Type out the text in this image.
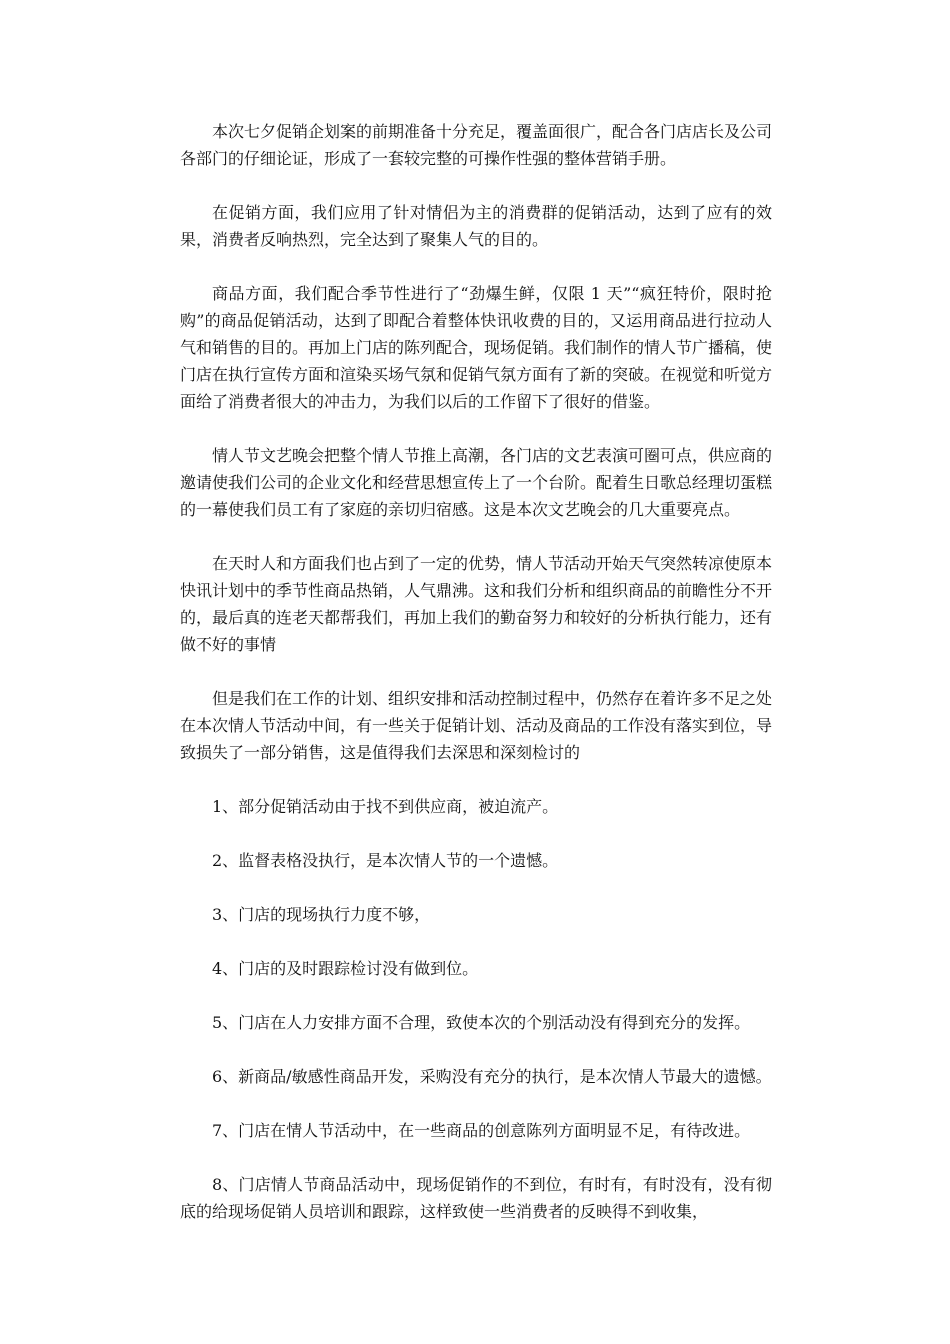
本次七夕促销企划案的前期准备十分充足，覆盖面很广，配合各门店店长及公司各部门的仔细论证，形成了一套较完整的可操作性强的整体营销手册。

在促销方面，我们应用了针对情侣为主的消费群的促销活动，达到了应有的效果，消费者反响热烈，完全达到了聚集人气的目的。

商品方面，我们配合季节性进行了“劲爆生鲜，仅限 1 天”“疯狂特价，限时抢购”的商品促销活动，达到了即配合着整体快讯收费的目的，又运用商品进行拉动人气和销售的目的。再加上门店的陈列配合，现场促销。我们制作的情人节广播稿，使门店在执行宣传方面和渲染买场气氛和促销气氛方面有了新的突破。在视觉和听觉方面给了消费者很大的冲击力，为我们以后的工作留下了很好的借鉴。

情人节文艺晚会把整个情人节推上高潮，各门店的文艺表演可圈可点，供应商的邀请使我们公司的企业文化和经营思想宣传上了一个台阶。配着生日歌总经理切蛋糕的一幕使我们员工有了家庭的亲切归宿感。这是本次文艺晚会的几大重要亮点。

在天时人和方面我们也占到了一定的优势，情人节活动开始天气突然转凉使原本快讯计划中的季节性商品热销，人气鼎沸。这和我们分析和组织商品的前瞻性分不开的，最后真的连老天都帮我们，再加上我们的勤奋努力和较好的分析执行能力，还有做不好的事情

但是我们在工作的计划、组织安排和活动控制过程中，仍然存在着许多不足之处在本次情人节活动中间，有一些关于促销计划、活动及商品的工作没有落实到位，导致损失了一部分销售，这是值得我们去深思和深刻检讨的

1、部分促销活动由于找不到供应商，被迫流产。

2、监督表格没执行，是本次情人节的一个遗憾。

3、门店的现场执行力度不够，

4、门店的及时跟踪检讨没有做到位。

5、门店在人力安排方面不合理，致使本次的个别活动没有得到充分的发挥。

6、新商品/敏感性商品开发，采购没有充分的执行，是本次情人节最大的遗憾。

7、门店在情人节活动中，在一些商品的创意陈列方面明显不足，有待改进。

8、门店情人节商品活动中，现场促销作的不到位，有时有，有时没有，没有彻底的给现场促销人员培训和跟踪，这样致使一些消费者的反映得不到收集，
